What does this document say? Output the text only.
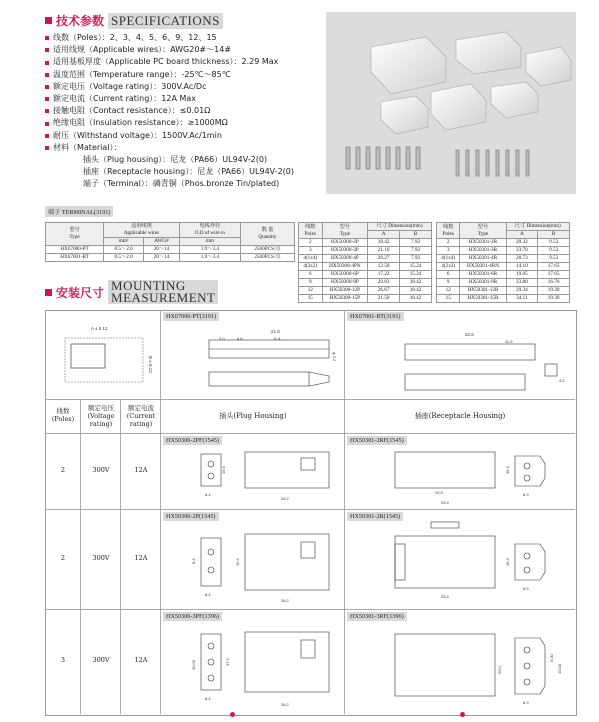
技术参数 SPECIFICATIONS
线数（Poles）：2、3、4、5、6、9、12、15
适用线规（Applicable wires）：AWG20#～14#
适用基板厚度（Applicable PC board thickness）：2.29 Max
温度范围（Temperature range）：-25℃～85℃
额定电压（Voltage rating）：300V.Ac/Dc
额定电流（Current rating）：12A Max
接触电阻（Contact resistance）：≤0.01Ω
绝缘电阻（Insulation resistance）：≥1000MΩ
耐压（Withstand voltage）：1500V.Ac/1min
材料（Material）：
插头（Plug housing）：尼龙（PA66）UL94V-2(0)
插座（Receptacle housing）：尼龙（PA66）UL94V-2(0)
端子（Terminal）：磷青铜（Phos.bronze Tin/plated)
端子 TERMINAL(3191)
型号
Type	适用线规
Applicable wires		电线外径
O.D of wire in	数 量
Quantity
	mm²	AWG#	mm	
HX67000-PT	0.5～2.0	20～14	1.9～3.4	2500PCS/点
HX67001-RT	0.5～2.0	20～14	1.9～3.4	2500PCS/点
线数
Poles	型号
Type	尺寸 Dimension(mm)	
		A	B
2	HX50300-2P	18.42	7.92
3	HX50300-3P	21.10	7.92
4(1x4)	HX50300-4P	26.27	7.92
4(2x2)	HX50300-4PN	12.50	15.24
6	HX50300-6P	17.22	15.24
9	HX50300-9P	20.83	18.42
12	HX50300-12P	26.67	18.42
15	HX50300-15P	31.50	18.42
线数
Poles	型号
Type	尺寸 Dimension(mm)	
		A	B
2	HX50301-2R	20.32	9.53
3	HX50301-3R	23.70	9.53
4(1x4)	HX50301-4R	28.73	9.53
4(2x2)	HX50301-4RN	14.10	17.65
6	HX50301-6R	19.05	17.65
9	HX50301-9R	23.80	16.76
12	HX50301-12R	29.34	19.30
15	HX50301-15R	34.11	19.30
安装尺寸 MOUNTING
MEASUREMENT
A ± 0.12
B ± 0.12
HX67000-PT(3191)
21.8
3.0	4.6	11.4
φ 2.2
HX67001-RT(3191)
22.6
11.9
4.2
线数
(Poles)
额定电压
(Voltage
rating)
额定电流
(Current
rating)
插头(Plug Housing)	插座(Receptacle Housing)
2	300V	12A
HX50300-2PF(1545)
15.6
8.4
26.2
HX50301-2RF(1545)
10.9
25.4
16.3
8.9
2	300V	12A
HX50300-2P(1545)
8.3	15.6
8.4
26.2
HX50301-2R(1545)
25.4
16.3
8.9
3	300V	12A
HX50300-3PF(1396)
10.00	17.0
8.4
26.2
HX50301-3RF(1396)
20.0
5.00
10.00
8.9
